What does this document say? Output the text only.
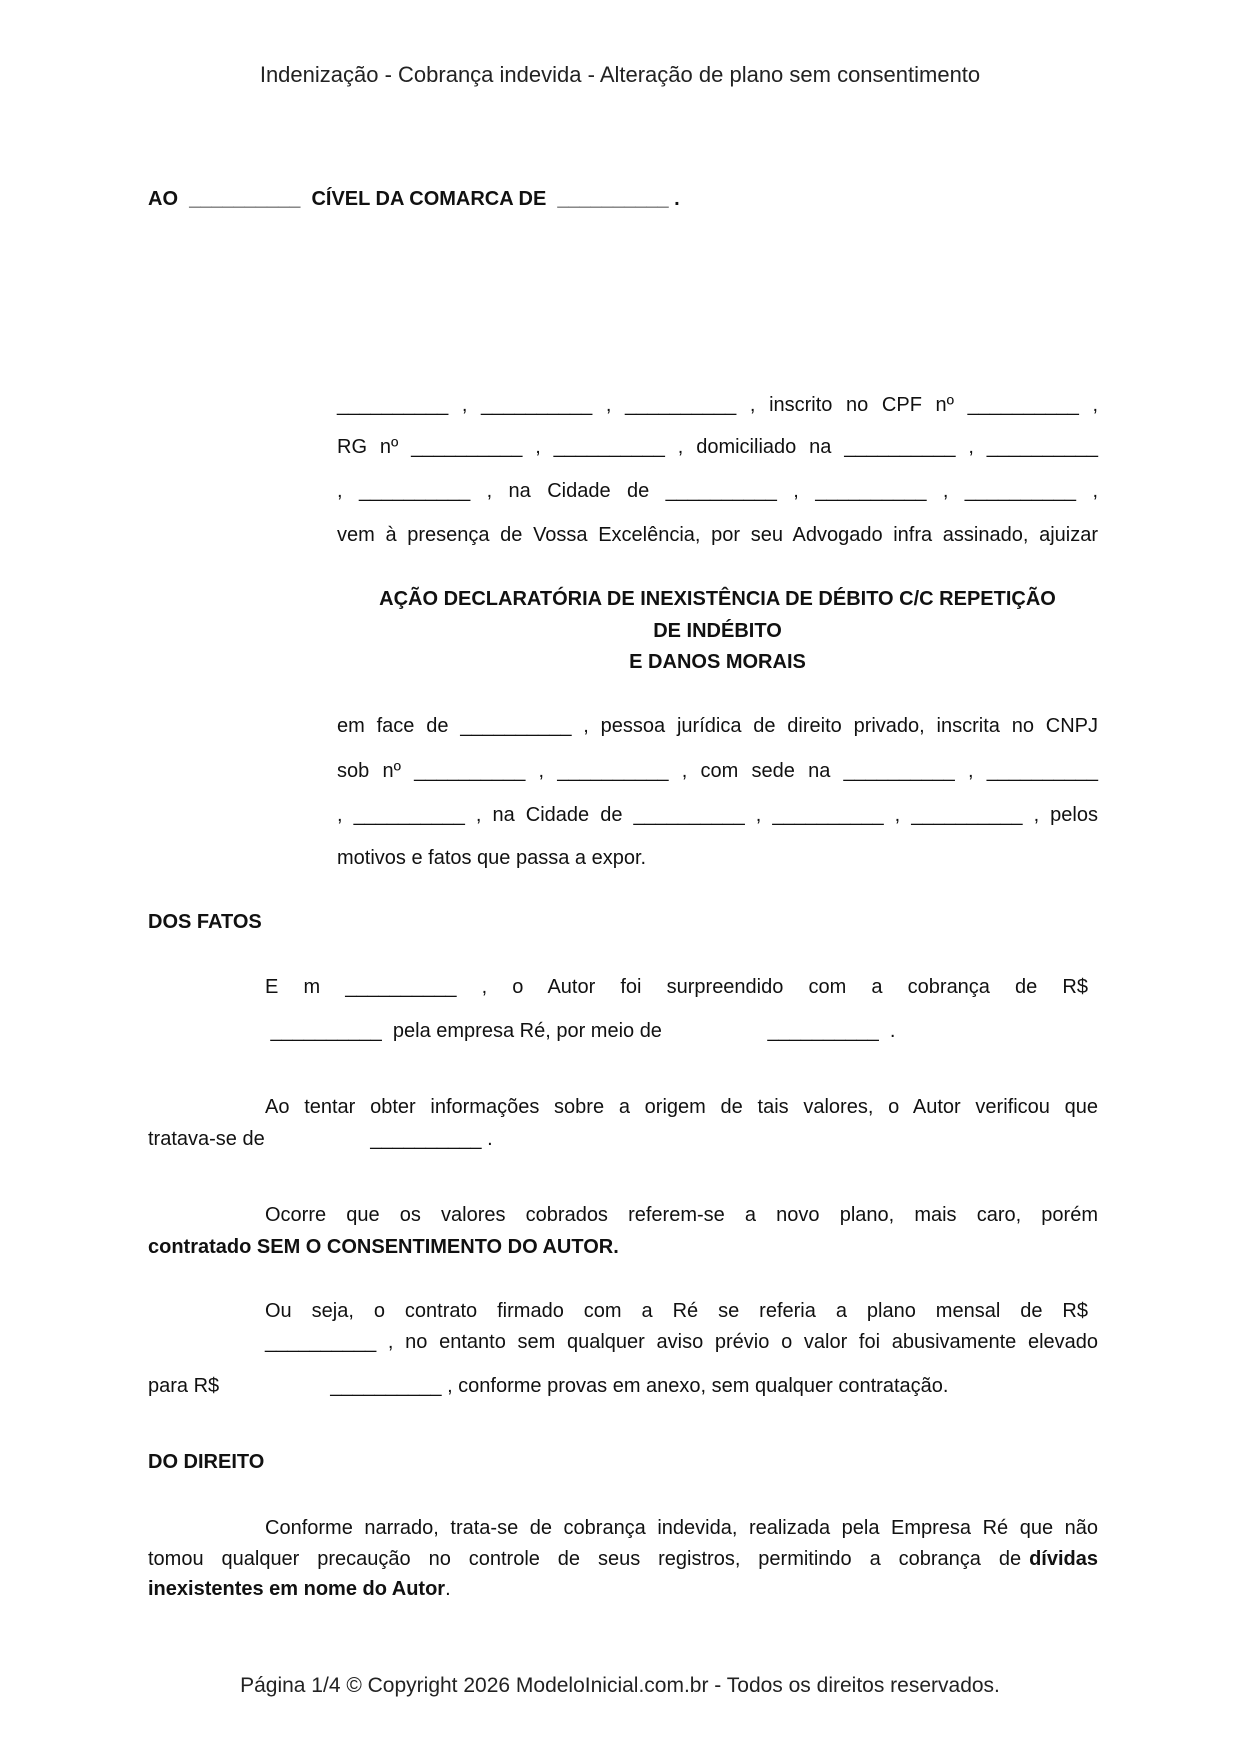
Indenização - Cobrança indevida - Alteração de plano sem consentimento
AO  __________  CÍVEL DA COMARCA DE  __________ .
__________ , __________ , __________ , inscrito no CPF nº __________ ,
RG nº __________ , __________ , domiciliado na __________ , __________
, __________ , na Cidade de __________ , __________ , __________ ,
vem à presença de Vossa Excelência, por seu Advogado infra assinado, ajuizar
AÇÃO DECLARATÓRIA DE INEXISTÊNCIA DE DÉBITO C/C REPETIÇÃO
DE INDÉBITO
E DANOS MORAIS
em face de __________ , pessoa jurídica de direito privado, inscrita no CNPJ
sob nº __________ , __________ , com sede na __________ , __________
, __________ , na Cidade de __________ , __________ , __________ , pelos
motivos e fatos que passa a expor.
DOS FATOS
E m __________ , o Autor foi surpreendido com a cobrança de R$
__________  pela empresa Ré, por meio de                   __________  .
Ao tentar obter informações sobre a origem de tais valores, o Autor verificou que
tratava-se de                   __________ .
Ocorre que os valores cobrados referem-se a novo plano, mais caro, porém
contratado SEM O CONSENTIMENTO DO AUTOR.
Ou seja, o contrato firmado com a Ré se referia a plano mensal de R$
__________ , no entanto sem qualquer aviso prévio o valor foi abusivamente elevado
para R$                    __________ , conforme provas em anexo, sem qualquer contratação.
DO DIREITO
Conforme narrado, trata-se de cobrança indevida, realizada pela Empresa Ré que não
tomou qualquer precaução no controle de seus registros, permitindo a cobrança de dívidas
inexistentes em nome do Autor.
Página 1/4 © Copyright 2026 ModeloInicial.com.br - Todos os direitos reservados.
